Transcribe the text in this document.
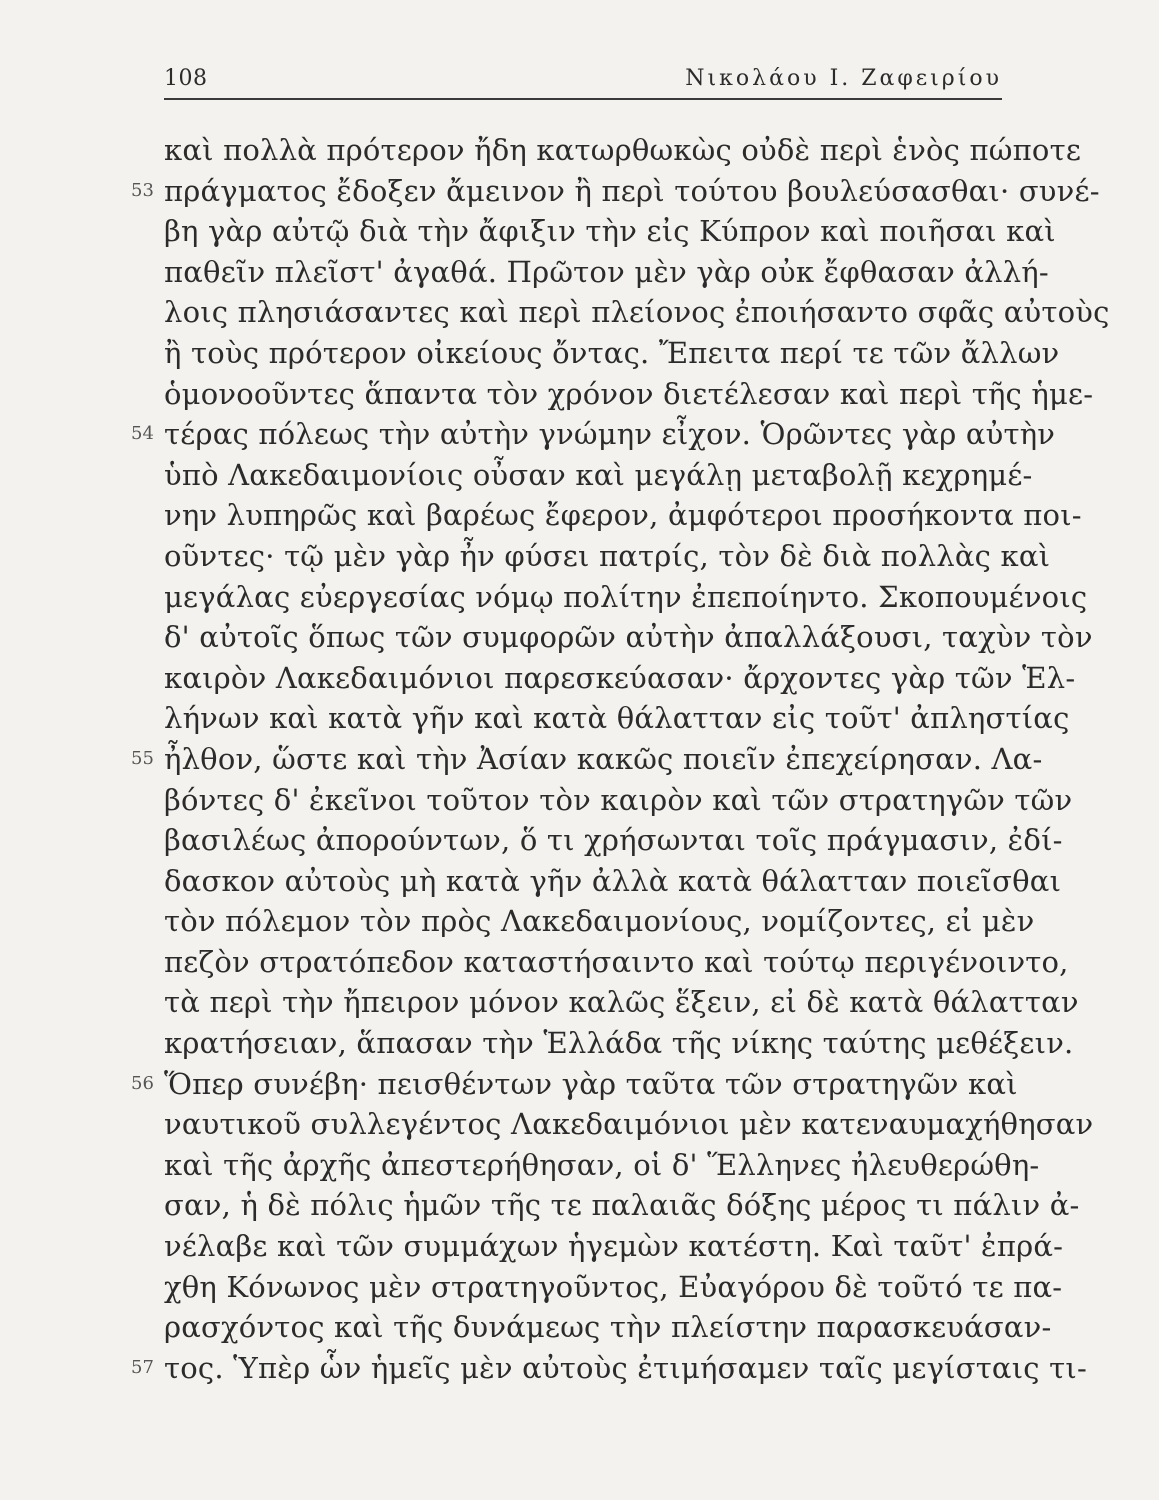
108	Νικολάου Ι. Ζαφειρίου
καὶ πολλὰ πρότερον ἤδη κατωρθωκὼς οὐδὲ περὶ ἑνὸς πώποτε
53 πράγματος ἔδοξεν ἄμεινον ἢ περὶ τούτου βουλεύσασθαι· συνέ-
βη γὰρ αὐτῷ διὰ τὴν ἄφιξιν τὴν εἰς Κύπρον καὶ ποιῆσαι καὶ
παθεῖν πλεῖστ' ἀγαθά. Πρῶτον μὲν γὰρ οὐκ ἔφθασαν ἀλλή-
λοις πλησιάσαντες καὶ περὶ πλείονος ἐποιήσαντο σφᾶς αὐτοὺς
ἢ τοὺς πρότερον οἰκείους ὄντας. Ἔπειτα περί τε τῶν ἄλλων
ὁμονοοῦντες ἅπαντα τὸν χρόνον διετέλεσαν καὶ περὶ τῆς ἡμε-
54 τέρας πόλεως τὴν αὐτὴν γνώμην εἶχον. Ὁρῶντες γὰρ αὐτὴν
ὑπὸ Λακεδαιμονίοις οὖσαν καὶ μεγάλῃ μεταβολῇ κεχρημέ-
νην λυπηρῶς καὶ βαρέως ἔφερον, ἀμφότεροι προσήκοντα ποι-
οῦντες· τῷ μὲν γὰρ ἦν φύσει πατρίς, τὸν δὲ διὰ πολλὰς καὶ
μεγάλας εὐεργεσίας νόμῳ πολίτην ἐπεποίηντο. Σκοπουμένοις
δ' αὐτοῖς ὅπως τῶν συμφορῶν αὐτὴν ἀπαλλάξουσι, ταχὺν τὸν
καιρὸν Λακεδαιμόνιοι παρεσκεύασαν· ἄρχοντες γὰρ τῶν Ἑλ-
λήνων καὶ κατὰ γῆν καὶ κατὰ θάλατταν εἰς τοῦτ' ἀπληστίας
55 ἦλθον, ὥστε καὶ τὴν Ἀσίαν κακῶς ποιεῖν ἐπεχείρησαν. Λα-
βόντες δ' ἐκεῖνοι τοῦτον τὸν καιρὸν καὶ τῶν στρατηγῶν τῶν
βασιλέως ἀπορούντων, ὅ τι χρήσωνται τοῖς πράγμασιν, ἐδί-
δασκον αὐτοὺς μὴ κατὰ γῆν ἀλλὰ κατὰ θάλατταν ποιεῖσθαι
τὸν πόλεμον τὸν πρὸς Λακεδαιμονίους, νομίζοντες, εἰ μὲν
πεζὸν στρατόπεδον καταστήσαιντο καὶ τούτῳ περιγένοιντο,
τὰ περὶ τὴν ἤπειρον μόνον καλῶς ἕξειν, εἰ δὲ κατὰ θάλατταν
κρατήσειαν, ἅπασαν τὴν Ἑλλάδα τῆς νίκης ταύτης μεθέξειν.
56 Ὅπερ συνέβη· πεισθέντων γὰρ ταῦτα τῶν στρατηγῶν καὶ
ναυτικοῦ συλλεγέντος Λακεδαιμόνιοι μὲν κατεναυμαχήθησαν
καὶ τῆς ἀρχῆς ἀπεστερήθησαν, οἱ δ' Ἕλληνες ἠλευθερώθη-
σαν, ἡ δὲ πόλις ἡμῶν τῆς τε παλαιᾶς δόξης μέρος τι πάλιν ἀ-
νέλαβε καὶ τῶν συμμάχων ἡγεμὼν κατέστη. Καὶ ταῦτ' ἐπρά-
χθη Κόνωνος μὲν στρατηγοῦντος, Εὐαγόρου δὲ τοῦτό τε πα-
ρασχόντος καὶ τῆς δυνάμεως τὴν πλείστην παρασκευάσαν-
57 τος. Ὑπὲρ ὧν ἡμεῖς μὲν αὐτοὺς ἐτιμήσαμεν ταῖς μεγίσταις τι-
